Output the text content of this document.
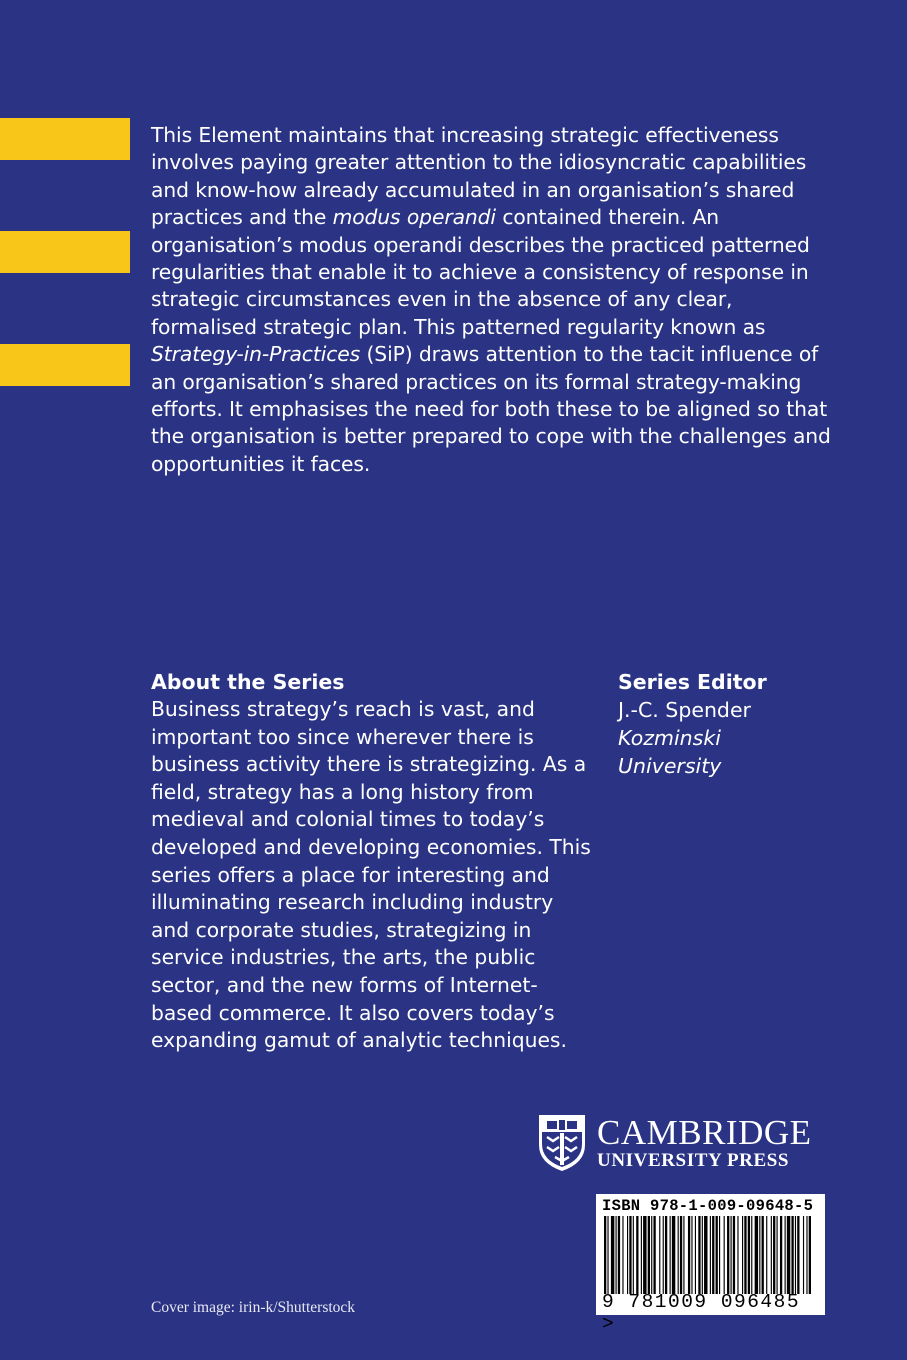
This Element maintains that increasing strategic effectiveness involves paying greater attention to the idiosyncratic capabilities and know-how already accumulated in an organisation’s shared practices and the modus operandi contained therein. An organisation’s modus operandi describes the practiced patterned regularities that enable it to achieve a consistency of response in strategic circumstances even in the absence of any clear, formalised strategic plan. This patterned regularity known as Strategy-in-Practices (SiP) draws attention to the tacit influence of an organisation’s shared practices on its formal strategy-making efforts. It emphasises the need for both these to be aligned so that the organisation is better prepared to cope with the challenges and opportunities it faces.

About the Series

Business strategy’s reach is vast, and important too since wherever there is business activity there is strategizing. As a field, strategy has a long history from medieval and colonial times to today’s developed and developing economies. This series offers a place for interesting and illuminating research including industry and corporate studies, strategizing in service industries, the arts, the public sector, and the new forms of Internet-based commerce. It also covers today’s expanding gamut of analytic techniques.

Series Editor

J.-C. Spender

Kozminski

University

CAMBRIDGE
UNIVERSITY PRESS
ISBN 978-1-009-09648-5
9 781009 096485 >
Cover image: irin-k/Shutterstock
